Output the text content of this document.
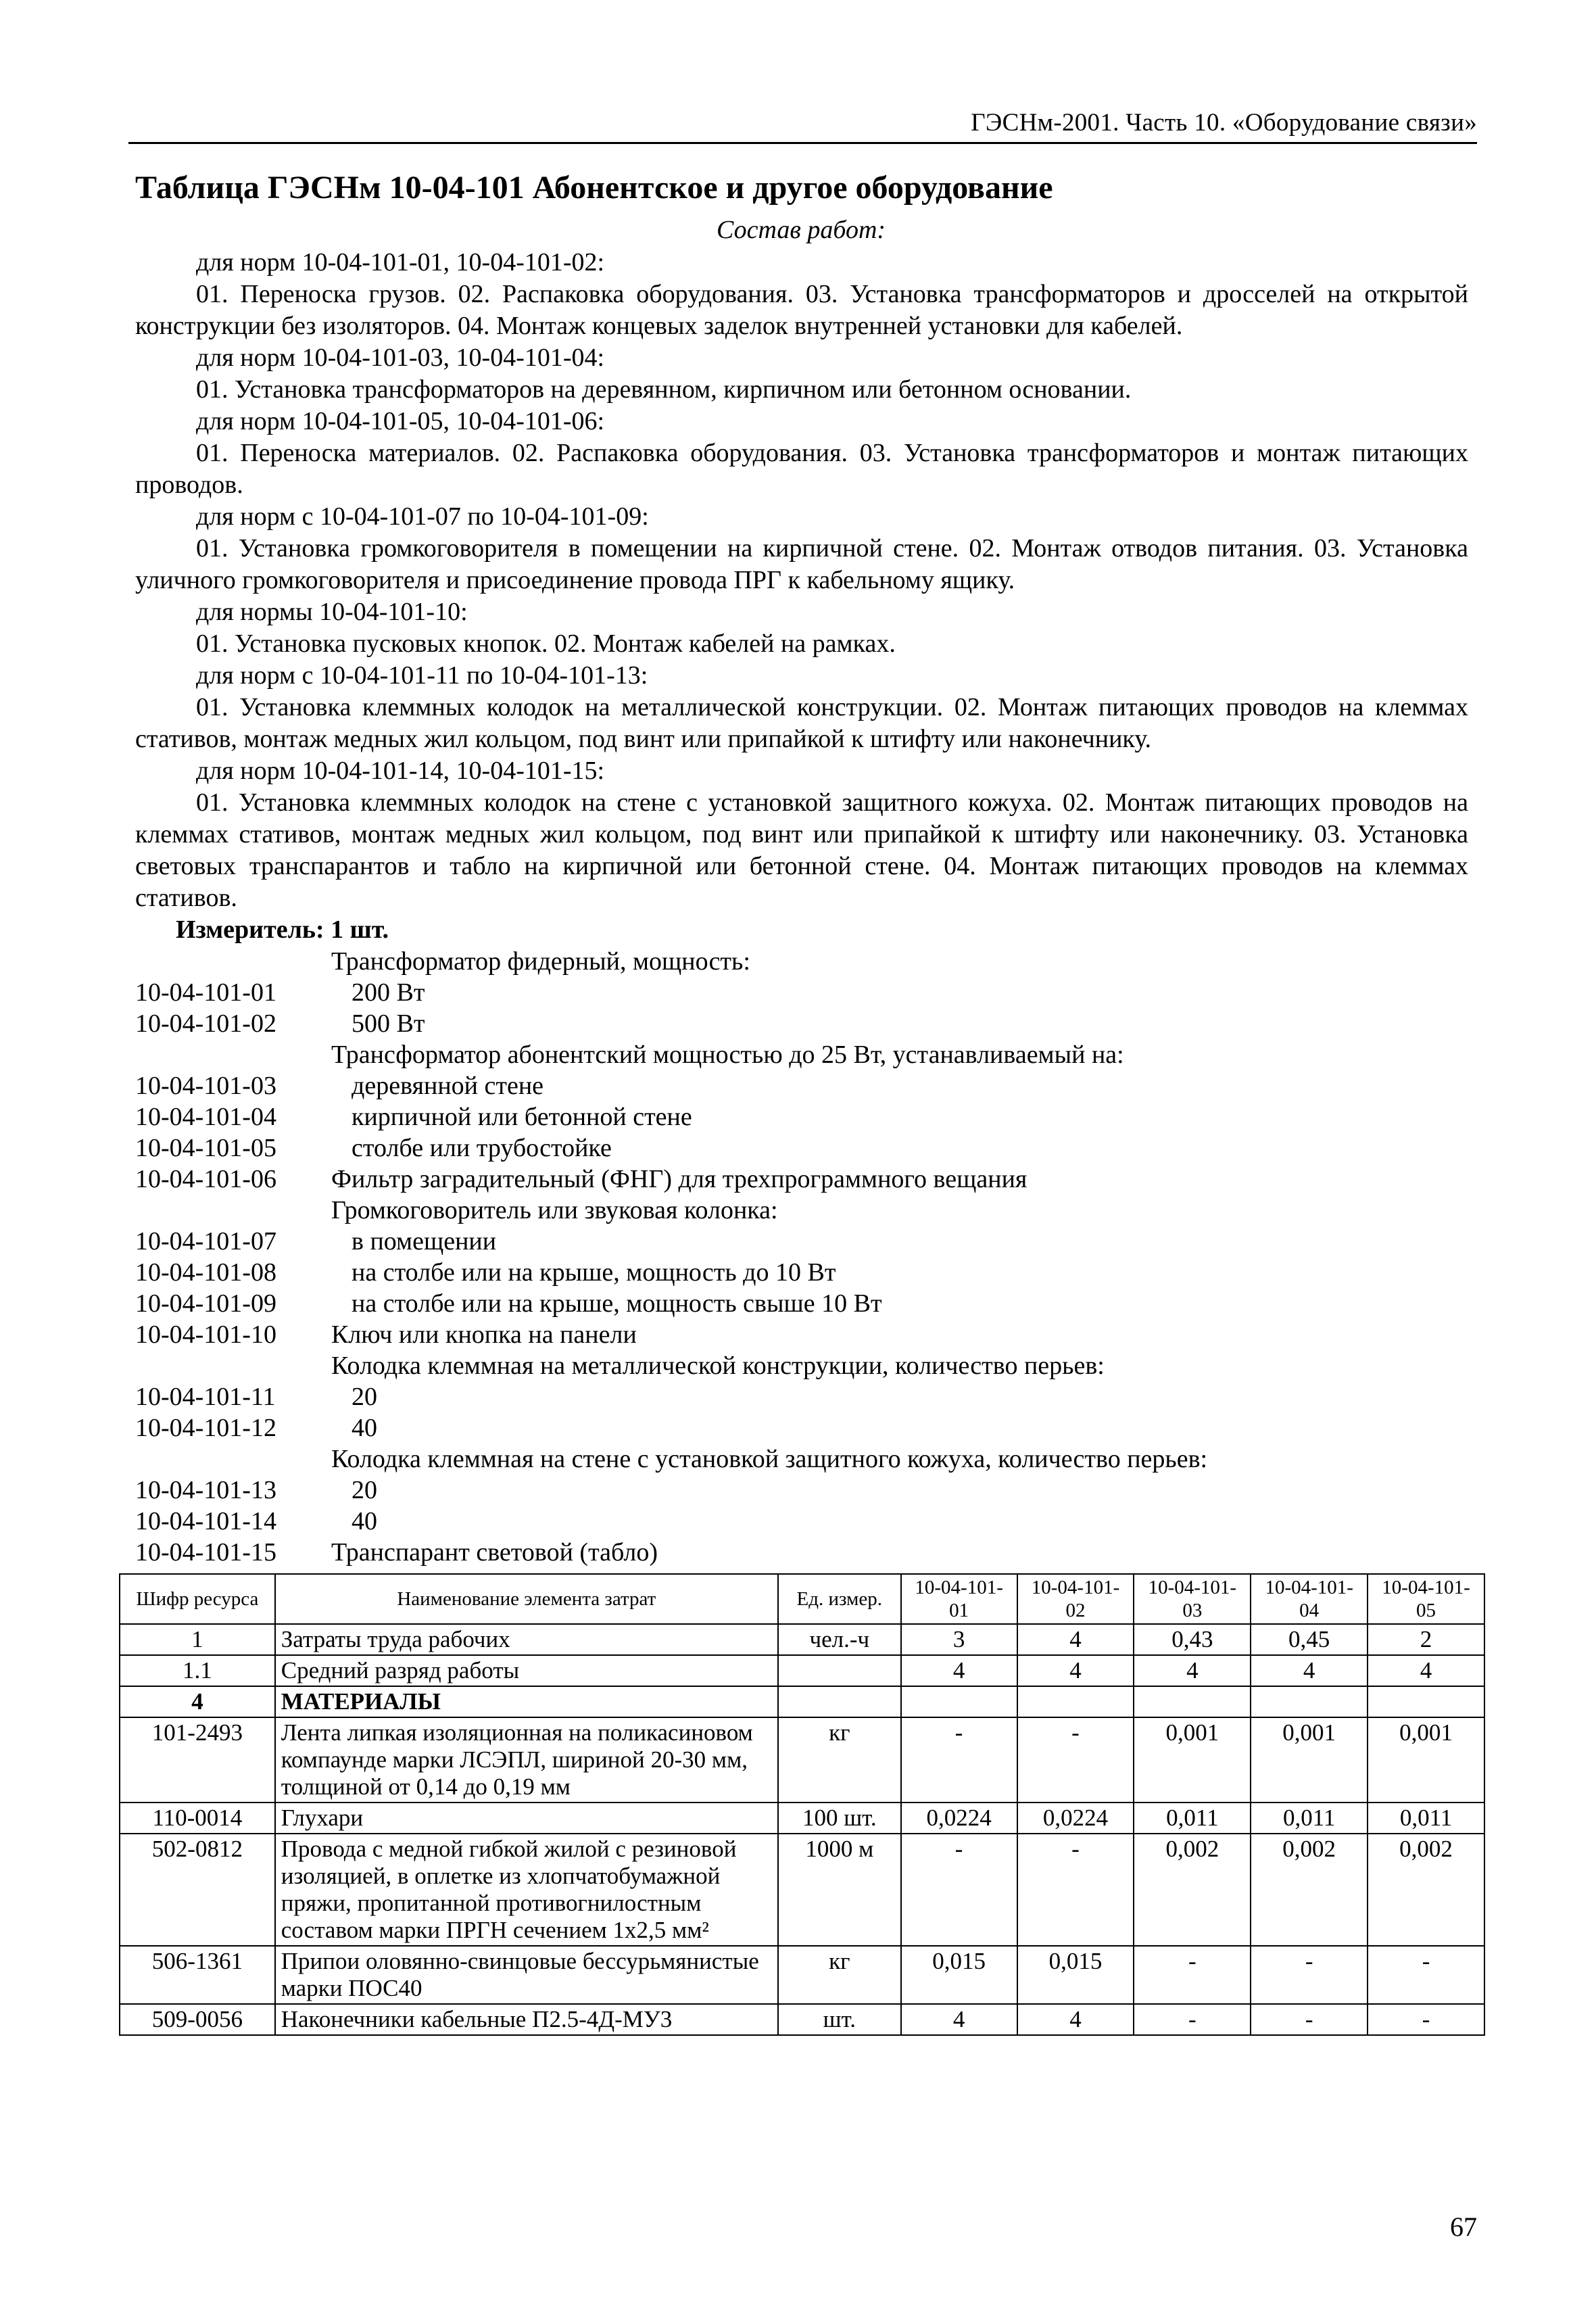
ГЭСНм-2001. Часть 10. «Оборудование связи»
Таблица ГЭСНм 10-04-101 Абонентское и другое оборудование
Состав работ:

для норм 10-04-101-01, 10-04-101-02:

01. Переноска грузов. 02. Распаковка оборудования. 03. Установка трансформаторов и дросселей на открытой конструкции без изоляторов. 04. Монтаж концевых заделок внутренней установки для кабелей.

для норм 10-04-101-03, 10-04-101-04:

01. Установка трансформаторов на деревянном, кирпичном или бетонном основании.

для норм 10-04-101-05, 10-04-101-06:

01. Переноска материалов. 02. Распаковка оборудования. 03. Установка трансформаторов и монтаж питающих проводов.

для норм с 10-04-101-07 по 10-04-101-09:

01. Установка громкоговорителя в помещении на кирпичной стене. 02. Монтаж отводов питания. 03. Установка уличного громкоговорителя и присоединение провода ПРГ к кабельному ящику.

для нормы 10-04-101-10:

01. Установка пусковых кнопок. 02. Монтаж кабелей на рамках.

для норм с 10-04-101-11 по 10-04-101-13:

01. Установка клеммных колодок на металлической конструкции. 02. Монтаж питающих проводов на клеммах стативов, монтаж медных жил кольцом, под винт или припайкой к штифту или наконечнику.

для норм 10-04-101-14, 10-04-101-15:

01. Установка клеммных колодок на стене с установкой защитного кожуха. 02. Монтаж питающих проводов на клеммах стативов, монтаж медных жил кольцом, под винт или припайкой к штифту или наконечнику. 03. Установка световых транспарантов и табло на кирпичной или бетонной стене. 04. Монтаж питающих проводов на клеммах стативов.

Измеритель: 1 шт.

Трансформатор фидерный, мощность:
10-04-101-01	200 Вт
10-04-101-02	500 Вт
Трансформатор абонентский мощностью до 25 Вт, устанавливаемый на:
10-04-101-03	деревянной стене
10-04-101-04	кирпичной или бетонной стене
10-04-101-05	столбе или трубостойке
10-04-101-06	Фильтр заградительный (ФНГ) для трехпрограммного вещания
Громкоговоритель или звуковая колонка:
10-04-101-07	в помещении
10-04-101-08	на столбе или на крыше, мощность до 10 Вт
10-04-101-09	на столбе или на крыше, мощность свыше 10 Вт
10-04-101-10	Ключ или кнопка на панели
Колодка клеммная на металлической конструкции, количество перьев:
10-04-101-11	20
10-04-101-12	40
Колодка клеммная на стене с установкой защитного кожуха, количество перьев:
10-04-101-13	20
10-04-101-14	40
10-04-101-15	Транспарант световой (табло)
Шифр ресурса	Наименование элемента затрат	Ед. измер.	10-04-101-01	10-04-101-02	10-04-101-03	10-04-101-04	10-04-101-05
1	Затраты труда рабочих	чел.-ч	3	4	0,43	0,45	2
1.1	Средний разряд работы		4	4	4	4	4
4	МАТЕРИАЛЫ						
101-2493	Лента липкая изоляционная на поликасиновом компаунде марки ЛСЭПЛ, шириной 20-30 мм, толщиной от 0,14 до 0,19 мм	кг	-	-	0,001	0,001	0,001
110-0014	Глухари	100 шт.	0,0224	0,0224	0,011	0,011	0,011
502-0812	Провода с медной гибкой жилой с резиновой изоляцией, в оплетке из хлопчатобумажной пряжи, пропитанной противогнилостным составом марки ПРГН сечением 1х2,5 мм²	1000 м	-	-	0,002	0,002	0,002
506-1361	Припои оловянно-свинцовые бессурьмянистые марки ПОС40	кг	0,015	0,015	-	-	-
509-0056	Наконечники кабельные П2.5-4Д-МУ3	шт.	4	4	-	-	-
67
